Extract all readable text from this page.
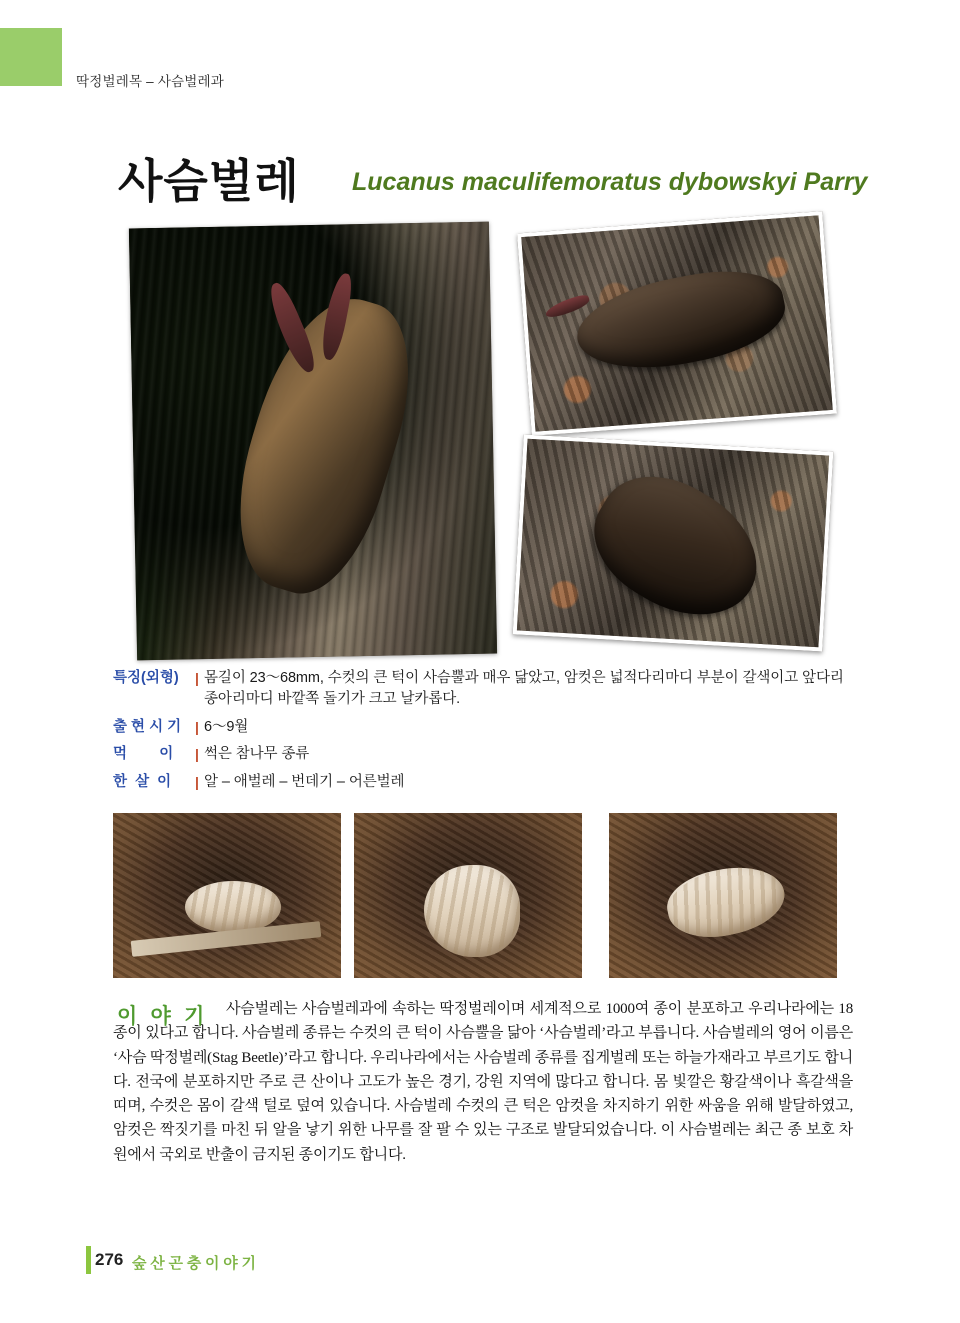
딱정벌레목 – 사슴벌레과
사슴벌레 Lucanus maculifemoratus dybowskyi Parry
특징(외형)	| 몸길이 23〜68mm, 수컷의 큰 턱이 사슴뿔과 매우 닮았고, 암컷은 넓적다리마디 부분이 갈색이고 앞다리 종아리마디 바깥쪽 돌기가 크고 날카롭다.
출 현 시 기 | 6〜9월
먹        이	| 썩은 참나무 종류
한  살  이	| 알 – 애벌레 – 번데기 – 어른벌레
이 야 기	사슴벌레는 사슴벌레과에 속하는 딱정벌레이며 세계적으로 1000여 종이 분포하고 우리나라에는 18종이 있다고 합니다. 사슴벌레 종류는 수컷의 큰 턱이 사슴뿔을 닮아 ‘사슴벌레’라고 부릅니다. 사슴벌레의 영어 이름은 ‘사슴 딱정벌레(Stag Beetle)’라고 합니다. 우리나라에서는 사슴벌레 종류를 집게벌레 또는 하늘가재라고 부르기도 합니다. 전국에 분포하지만 주로 큰 산이나 고도가 높은 경기, 강원 지역에 많다고 합니다. 몸 빛깔은 황갈색이나 흑갈색을 띠며, 수컷은 몸이 갈색 털로 덮여 있습니다. 사슴벌레 수컷의 큰 턱은 암컷을 차지하기 위한 싸움을 위해 발달하였고, 암컷은 짝짓기를 마친 뒤 알을 낳기 위한 나무를 잘 팔 수 있는 구조로 발달되었습니다. 이 사슴벌레는 최근 종 보호 차원에서 국외로 반출이 금지된 종이기도 합니다.
276 숲 산 곤 충 이 야 기
